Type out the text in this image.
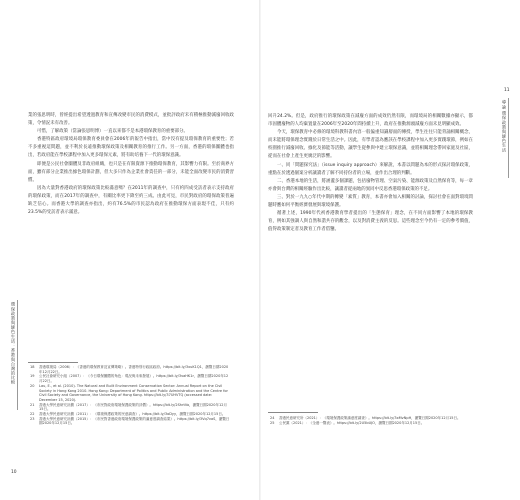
業的張思明時，曾經提出希望透過教育和宣傳改變市民的消費模式，並批評政府未有積極推動減廢回收政策，令情況未有改善。

可惜，了解政策（當論張思明博）一直以來都不是本港環保教育的重要部分。

香港特區政府環境局環保教育委員會在2006年的報告中指出，當中沒有提及環保教育的重要性；若不多重視這問題，並不利於長遠推動環保政策及相關教育的推行工作。另一方面，香港的環保團體也指出，若政府能在學校課程中加入更多環保元素，將有助培養下一代的環保意識。

即便是公民社會團體及非政府組織，也只是在有限資源下推動環保教育，其影響力有限。至於商界方面，雖有部分企業推出綠色環保計劃，但大多只作為企業社會責任的一部分，未能全面改變市民的消費習慣。

因為大量對香港政府的環保政策比較滿意嗎？在2011年的調查中，只有約四成受訪者表示支持政府的環保政策，而在2017年的調查中，有關比率更下降至約三成。由此可見，市民對政府的環保政策普遍缺乏信心。而香港大學的調查亦指出，約有76.5%的市民認為政府在推動環保方面表現不佳，只有約23.5%的受訪者表示滿意。

18	香港環境局（2006）：《香港的環保教育及宣傳策略》。香港特別行政區政府。https://bit.ly/3xuK1Q1，瀏覽日期2020年12月22日。
19	公民社會研究小組（2007）：《今日環保團體的角色：現況與未來發展》。https://bit.ly/3vaHK1r，瀏覽日期2020年12月22日。
20	Lau, E., et al. (2010). The Natural and Built Environment Conservation Sector: Annual Report on the Civil Society in Hong Kong 2010. Hong Kong: Department of Politics and Public Administration and the Centre for Civil Society and Governance, the University of Hong Kong. https://bit.ly/37UHVTQ (accessed date: December 15, 2020).
21	香港大學民意研究計劃（2017）：《市民對政府環境保護政策的評價》。https://bit.ly/2ShrtVo，瀏覽日期2020年12月15日。
22	香港大學民意研究計劃（2011）：《環境保護政策的民意調查》。https://bit.ly/3oDyy，瀏覽日期2020年12月15日。
23	香港大學民意研究計劃（2015）：《市民對香港政府環境保護政策的滿意度調查結果》。https://bit.ly/3Vq7vaS，瀏覽日期2020年12月15日。
環保政策與綠色生活：香港與台灣的比較
10

回升24.2%。但是，政府推行的環保政策在減廢方面的成效仍然有限，而環境局的相關數據亦顯示，都市固體廢物的人均棄置量在2006年至2020年間持續上升，政府在推動源頭減廢方面未見明顯成效。

今天，環保教育中必修的環境科教科書內容一般偏重知識層面的傳授，學生往往只能背誦相關概念，而未能將環保理念實踐於日常生活之中。因此，有學者認為應該在學校課程中加入更多實踐環節，例如在校園推行減廢回收、綠化及節能等活動，讓學生從參與中建立環保意識，並將相關理念帶回家庭及社區，從而在社會上產生更廣泛的影響。

一、同「問題探究法」（issue inquiry approach）來解說，本書以問題為本的形式探討環保政策，重點在於透過個案分析讓讀者了解不同持份者的立場，並作出合理的判斷。

二、香港本地的生活，將涵蓋多個課題，包括廢物管理、空氣污染、能源政策及自然保育等，每一章亦會與台灣的相關經驗作出比較，讓讀者從兩地的異同中反思香港環保政策的不足。

三、對於一九九○年代中期的轉變「素質」教育，本書亦會加入相關的討論，探討社會在面對環境問題時應如何平衡經濟發展與環境保護。

循著上述，1990年代初香港教育學者提出的「生態保育」理念，在不同方面影響了本地的環保教育，例如其強調人與自然和諧共存的觀念，以及對消費主義的反思。這些理念至今仍有一定的參考價值，值得政策制定者及教育工作者借鑒。

24	香港民意研究所（2021）：《環境保護政策滿意度調查》。https://bit.ly/3xMvNpH，瀏覽日期2020年12月15日。
25	公民黨（2021）：《全港一覽表》。https://bit.ly/2U5bUJO，瀏覽日期2020年12月15日。
11
導論 環保政策與綠色生活
